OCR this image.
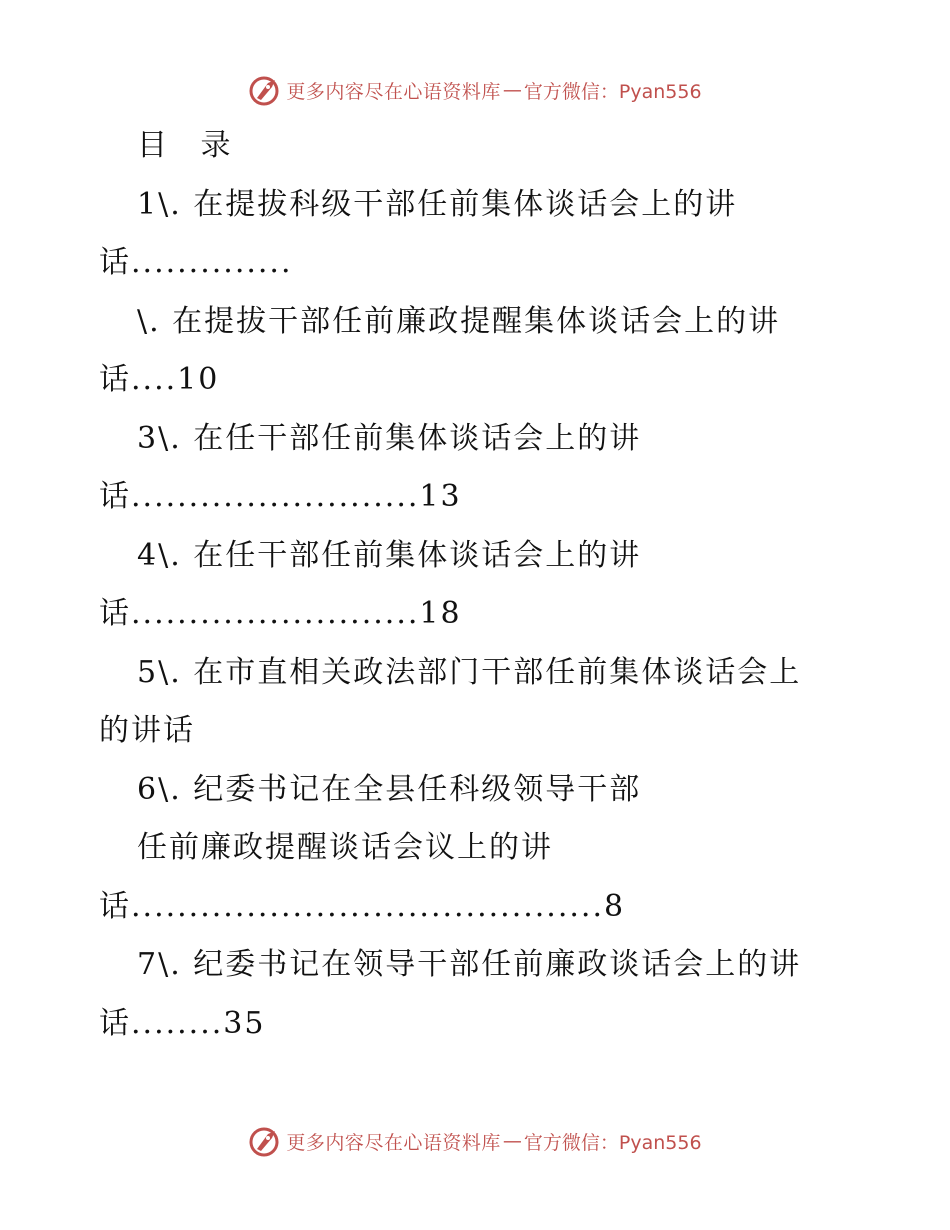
更多内容尽在心语资料库 — 官方微信：Pyan556
目 录
1\. 在提拔科级干部任前集体谈话会上的讲
话..............
\. 在提拔干部任前廉政提醒集体谈话会上的讲
话....10
3\. 在任干部任前集体谈话会上的讲
话.........................13
4\. 在任干部任前集体谈话会上的讲
话.........................18
5\. 在市直相关政法部门干部任前集体谈话会上
的讲话
6\. 纪委书记在全县任科级领导干部
任前廉政提醒谈话会议上的讲
话.........................................8
7\. 纪委书记在领导干部任前廉政谈话会上的讲
话........35
更多内容尽在心语资料库 — 官方微信：Pyan556
